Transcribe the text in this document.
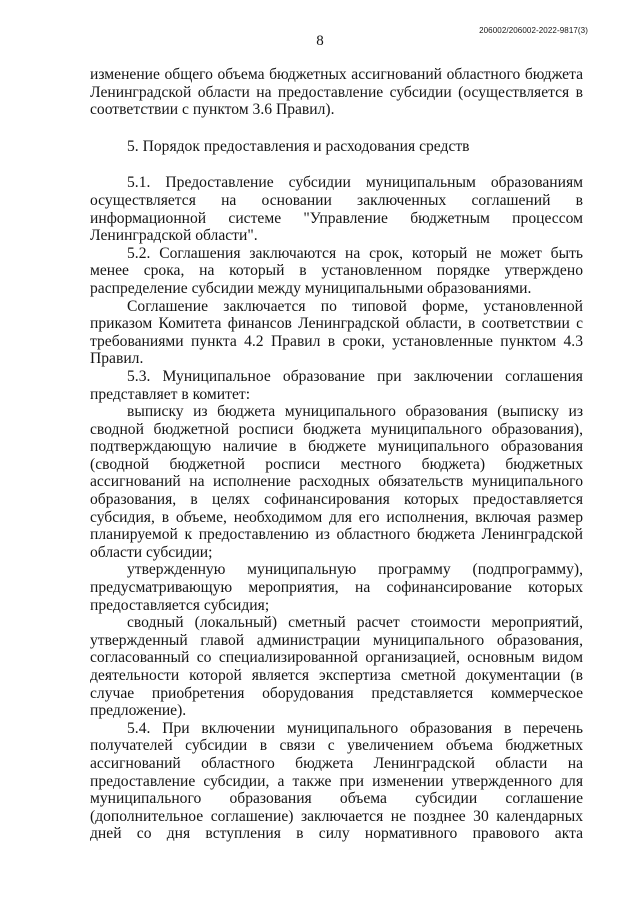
206002/206002-2022-9817(3)
8

изменение общего объема бюджетных ассигнований областного бюджета Ленинградской области на предоставление субсидии (осуществляется в соответствии с пунктом 3.6 Правил).

5. Порядок предоставления и расходования средств

5.1. Предоставление субсидии муниципальным образованиям осуществляется на основании заключенных соглашений в информационной системе "Управление бюджетным процессом Ленинградской области".

5.2. Соглашения заключаются на срок, который не может быть менее срока, на который в установленном порядке утверждено распределение субсидии между муниципальными образованиями.

Соглашение заключается по типовой форме, установленной приказом Комитета финансов Ленинградской области, в соответствии с требованиями пункта 4.2 Правил в сроки, установленные пунктом 4.3 Правил.

5.3. Муниципальное образование при заключении соглашения представляет в комитет:

выписку из бюджета муниципального образования (выписку из сводной бюджетной росписи бюджета муниципального образования), подтверждающую наличие в бюджете муниципального образования (сводной бюджетной росписи местного бюджета) бюджетных ассигнований на исполнение расходных обязательств муниципального образования, в целях софинансирования которых предоставляется субсидия, в объеме, необходимом для его исполнения, включая размер планируемой к предоставлению из областного бюджета Ленинградской области субсидии;

утвержденную муниципальную программу (подпрограмму), предусматривающую мероприятия, на софинансирование которых предоставляется субсидия;

сводный (локальный) сметный расчет стоимости мероприятий, утвержденный главой администрации муниципального образования, согласованный со специализированной организацией, основным видом деятельности которой является экспертиза сметной документации (в случае приобретения оборудования представляется коммерческое предложение).

5.4. При включении муниципального образования в перечень получателей субсидии в связи с увеличением объема бюджетных ассигнований областного бюджета Ленинградской области на предоставление субсидии, а также при изменении утвержденного для муниципального образования объема субсидии соглашение (дополнительное соглашение) заключается не позднее 30 календарных дней со дня вступления в силу нормативного правового акта
